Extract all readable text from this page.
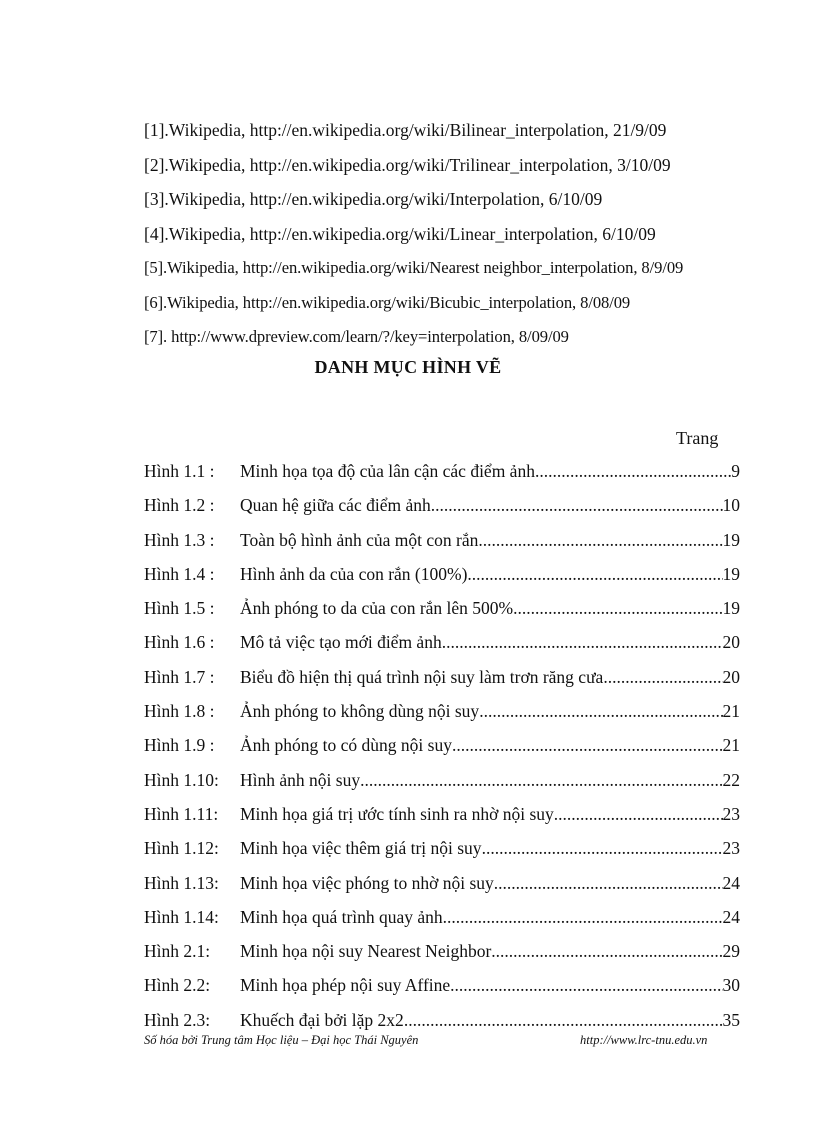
[1].Wikipedia, http://en.wikipedia.org/wiki/Bilinear_interpolation, 21/9/09
[2].Wikipedia, http://en.wikipedia.org/wiki/Trilinear_interpolation, 3/10/09
[3].Wikipedia, http://en.wikipedia.org/wiki/Interpolation, 6/10/09
[4].Wikipedia, http://en.wikipedia.org/wiki/Linear_interpolation, 6/10/09
[5].Wikipedia, http://en.wikipedia.org/wiki/Nearest neighbor_interpolation, 8/9/09
[6].Wikipedia, http://en.wikipedia.org/wiki/Bicubic_interpolation, 8/08/09
[7]. http://www.dpreview.com/learn/?/key=interpolation, 8/09/09
DANH MỤC HÌNH VẼ
Trang
Hình 1.1 :	Minh họa tọa độ của lân cận các điểm ảnh .....	9
Hình 1.2 :	Quan hệ giữa các điểm ảnh .....	10
Hình 1.3 :	Toàn bộ hình ảnh của một con rắn .....	19
Hình 1.4 :	Hình ảnh da của con rắn (100%) .....	19
Hình 1.5 :	Ảnh phóng to da của con rắn lên 500% .....	19
Hình 1.6 :	Mô tả việc tạo mới điểm ảnh .....	20
Hình 1.7 :	Biểu đồ hiện thị quá trình nội suy làm trơn răng cưa .....	20
Hình 1.8 :	Ảnh phóng to không dùng nội suy .....	21
Hình 1.9 :	Ảnh phóng to có dùng nội suy .....	21
Hình 1.10:	Hình ảnh nội suy .....	22
Hình 1.11:	Minh họa giá trị ước tính sinh ra nhờ nội suy .....	23
Hình 1.12:	Minh họa việc thêm giá trị nội suy .....	23
Hình 1.13:	Minh họa việc phóng to nhờ nội suy .....	24
Hình 1.14:	Minh họa quá trình quay ảnh .....	24
Hình 2.1:	Minh họa nội suy Nearest Neighbor .....	29
Hình 2.2:	Minh họa phép nội suy Affine .....	30
Hình 2.3:	Khuếch đại bởi lặp 2x2 .....	35
Số hóa bởi Trung tâm Học liệu – Đại học Thái Nguyên	http://www.lrc-tnu.edu.vn
